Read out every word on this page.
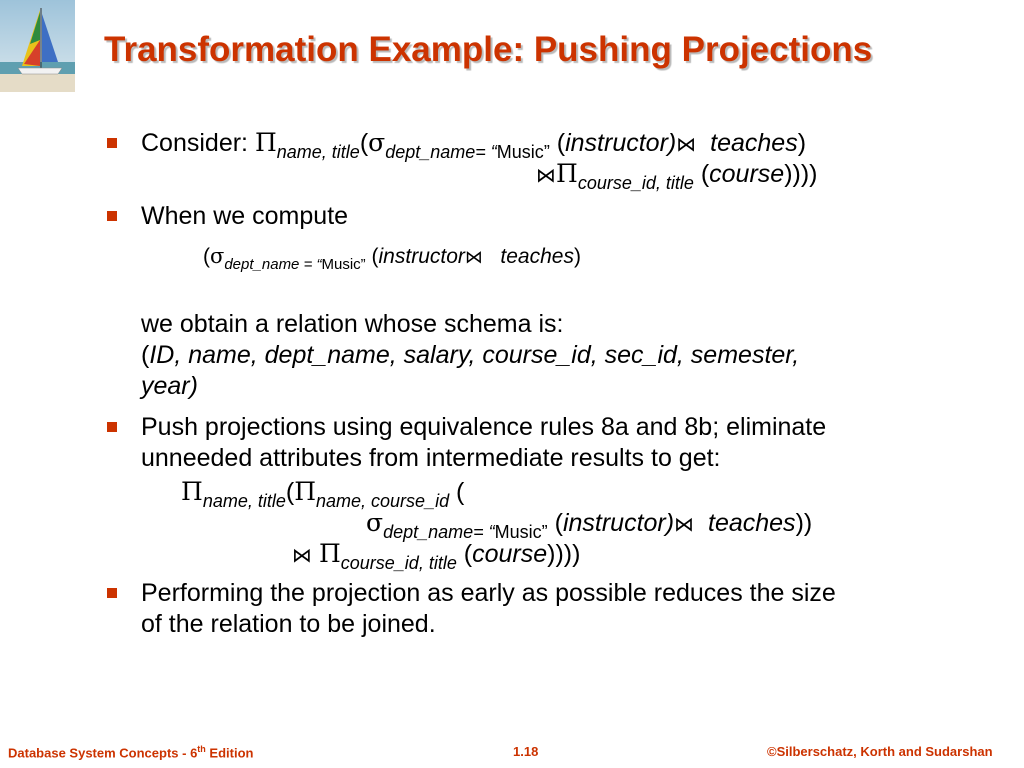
Transformation Example: Pushing Projections
Consider: $\Pi_{name, title}(\sigma_{dept\_name= “Music”}$ (instructor)⋈ teaches)
$⋈\Pi_{course\_id, title}$ (course))))
When we compute
($\sigma_{dept\_name = “Music”}$ (instructor⋈ teaches)
we obtain a relation whose schema is:
(ID, name, dept_name, salary, course_id, sec_id, semester,
year)
Push projections using equivalence rules 8a and 8b; eliminate
unneeded attributes from intermediate results to get:
$\Pi_{name, title}(\Pi_{name, course\_id}$ (
$\sigma_{dept\_name= “Music”}$ (instructor)⋈ teaches))
⋈ $\Pi_{course\_id, title}$ (course))))
Performing the projection as early as possible reduces the size
of the relation to be joined.
Database System Concepts - 6th Edition	1.18	©Silberschatz, Korth and Sudarshan
